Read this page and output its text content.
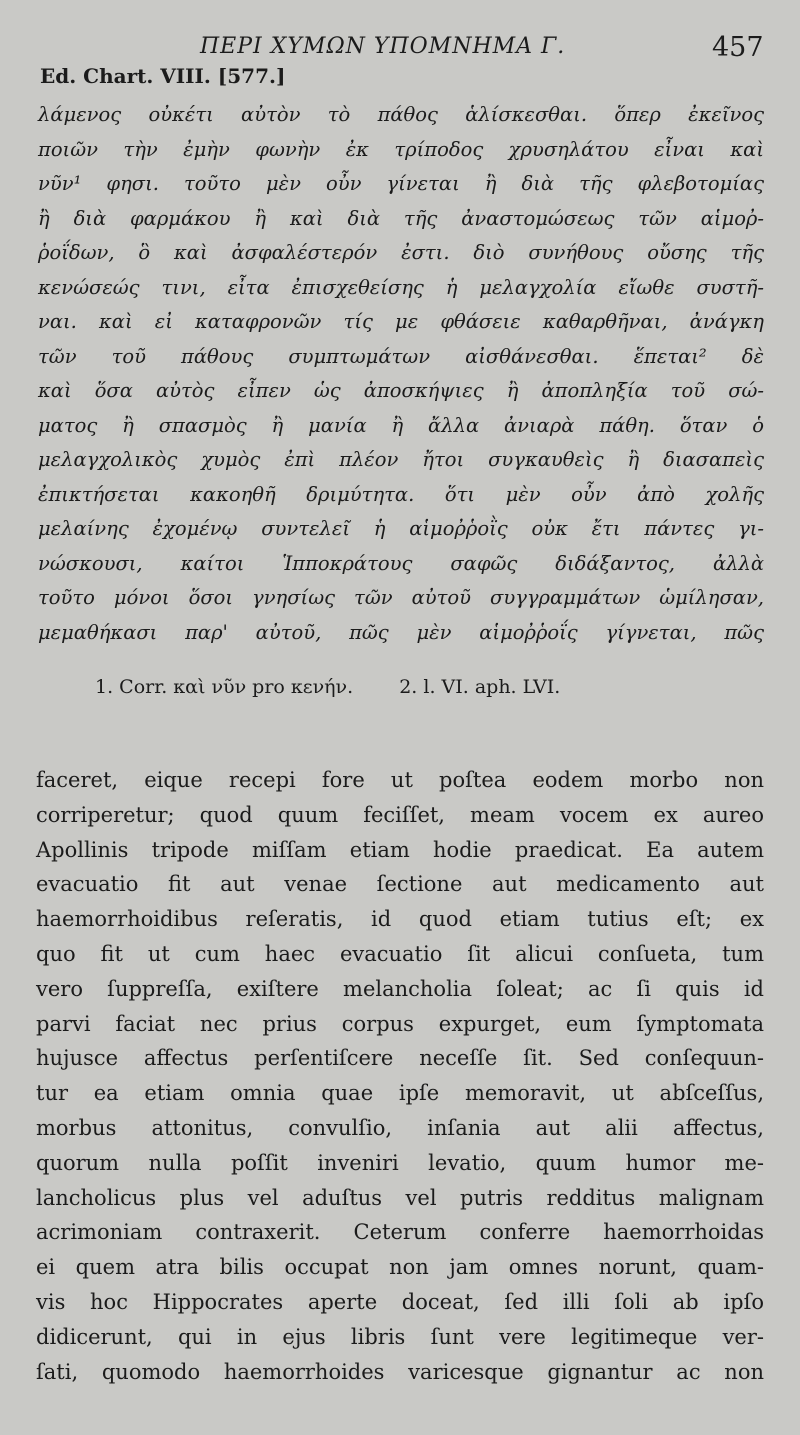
ΠΕΡΙ ΧΥΜΩΝ ΥΠΟΜΝΗΜΑ Γ.	457
Ed. Chart. VIII. [577.]
λάμενος οὐκέτι αὐτὸν τὸ πάθος ἁλίσκεσθαι. ὅπερ ἐκεῖνος
ποιῶν τὴν ἐμὴν φωνὴν ἐκ τρίποδος χρυσηλάτου εἶναι καὶ
νῦν¹ φησι. τοῦτο μὲν οὖν γίνεται ἢ διὰ τῆς φλεβοτομίας
ἢ διὰ φαρμάκου ἢ καὶ διὰ τῆς ἀναστομώσεως τῶν αἱμοῤ-
ῥοΐδων, ὃ καὶ ἀσφαλέστερόν ἐστι. διὸ συνήθους οὔσης τῆς
κενώσεώς τινι, εἶτα ἐπισχεθείσης ἡ μελαγχολία εἴωθε συστῆ-
ναι. καὶ εἰ καταφρονῶν τίς με φθάσειε καθαρθῆναι, ἀνάγκη
τῶν τοῦ πάθους συμπτωμάτων αἰσθάνεσθαι. ἕπεται² δὲ
καὶ ὅσα αὐτὸς εἶπεν ὡς ἀποσκήψιες ἢ ἀποπληξία τοῦ σώ-
ματος ἢ σπασμὸς ἢ μανία ἢ ἄλλα ἀνιαρὰ πάθη. ὅταν ὁ
μελαγχολικὸς χυμὸς ἐπὶ πλέον ἤτοι συγκαυθεὶς ἢ διασαπεὶς
ἐπικτήσεται κακοηθῆ δριμύτητα. ὅτι μὲν οὖν ἀπὸ χολῆς
μελαίνης ἐχομένῳ συντελεῖ ἡ αἱμοῤῥοῒς οὐκ ἔτι πάντες γι-
νώσκουσι, καίτοι Ἱπποκράτους σαφῶς διδάξαντος, ἀλλὰ
τοῦτο μόνοι ὅσοι γνησίως τῶν αὐτοῦ συγγραμμάτων ὡμίλησαν,
μεμαθήκασι παρ' αὐτοῦ, πῶς μὲν αἱμοῤῥοΐς γίγνεται, πῶς
1. Corr. καὶ νῦν pro κενήν. 2. l. VI. aph. LVI.
faceret, eique recepi fore ut poſtea eodem morbo non
corriperetur; quod quum feciſſet, meam vocem ex aureo
Apollinis tripode miſſam etiam hodie praedicat. Ea autem
evacuatio fit aut venae ſectione aut medicamento aut
haemorrhoidibus reſeratis, id quod etiam tutius eſt; ex
quo fit ut cum haec evacuatio ſit alicui conſueta, tum
vero ſuppreſſa, exiſtere melancholia ſoleat; ac ſi quis id
parvi faciat nec prius corpus expurget, eum ſymptomata
hujusce affectus perſentiſcere neceſſe ſit. Sed conſequun-
tur ea etiam omnia quae ipſe memoravit, ut abſceſſus,
morbus attonitus, convulſio, inſania aut alii affectus,
quorum nulla poſſit inveniri levatio, quum humor me-
lancholicus plus vel aduſtus vel putris redditus malignam
acrimoniam contraxerit. Ceterum conferre haemorrhoidas
ei quem atra bilis occupat non jam omnes norunt, quam-
vis hoc Hippocrates aperte doceat, ſed illi ſoli ab ipſo
didicerunt, qui in ejus libris ſunt vere legitimeque ver-
ſati, quomodo haemorrhoides varicesque gignantur ac non
